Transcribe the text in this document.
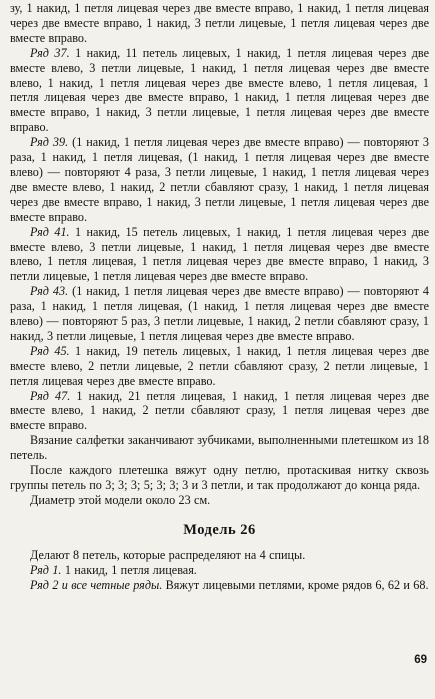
зу, 1 накид, 1 петля лицевая через две вместе вправо, 1 накид, 1 петля лицевая через две вместе вправо, 1 накид, 3 петли лицевые, 1 петля лицевая через две вместе вправо.

Ряд 37. 1 накид, 11 петель лицевых, 1 накид, 1 петля лицевая через две вместе влево, 3 петли лицевые, 1 накид, 1 петля лицевая через две вместе влево, 1 накид, 1 петля лицевая через две вместе влево, 1 петля лицевая, 1 петля лицевая через две вместе вправо, 1 накид, 1 петля лицевая через две вместе вправо, 1 накид, 3 петли лицевые, 1 петля лицевая через две вместе вправо.

Ряд 39. (1 накид, 1 петля лицевая через две вместе вправо) — повторяют 3 раза, 1 накид, 1 петля лицевая, (1 накид, 1 петля лицевая через две вместе влево) — повторяют 4 раза, 3 петли лицевые, 1 накид, 1 петля лицевая через две вместе влево, 1 накид, 2 петли сбавляют сразу, 1 накид, 1 петля лицевая через две вместе вправо, 1 накид, 3 петли лицевые, 1 петля лицевая через две вместе вправо.

Ряд 41. 1 накид, 15 петель лицевых, 1 накид, 1 петля лицевая через две вместе влево, 3 петли лицевые, 1 накид, 1 петля лицевая через две вместе влево, 1 петля лицевая, 1 петля лицевая через две вместе вправо, 1 накид, 3 петли лицевые, 1 петля лицевая через две вместе вправо.

Ряд 43. (1 накид, 1 петля лицевая через две вместе вправо) — повторяют 4 раза, 1 накид, 1 петля лицевая, (1 накид, 1 петля лицевая через две вместе влево) — повторяют 5 раз, 3 петли лицевые, 1 накид, 2 петли сбавляют сразу, 1 накид, 3 петли лицевые, 1 петля лицевая через две вместе вправо.

Ряд 45. 1 накид, 19 петель лицевых, 1 накид, 1 петля лицевая через две вместе влево, 2 петли лицевые, 2 петли сбавляют сразу, 2 петли лицевые, 1 петля лицевая через две вместе вправо.

Ряд 47. 1 накид, 21 петля лицевая, 1 накид, 1 петля лицевая через две вместе влево, 1 накид, 2 петли сбавляют сразу, 1 петля лицевая через две вместе вправо.

Вязание салфетки заканчивают зубчиками, выполненными плетешком из 18 петель.

После каждого плетешка вяжут одну петлю, протаскивая нитку сквозь группы петель по 3; 3; 3; 5; 3; 3; 3 и 3 петли, и так продолжают до конца ряда.

Диаметр этой модели около 23 см.

Модель 26

Делают 8 петель, которые распределяют на 4 спицы.

Ряд 1. 1 накид, 1 петля лицевая.

Ряд 2 и все четные ряды. Вяжут лицевыми петлями, кроме рядов 6, 62 и 68.

69
